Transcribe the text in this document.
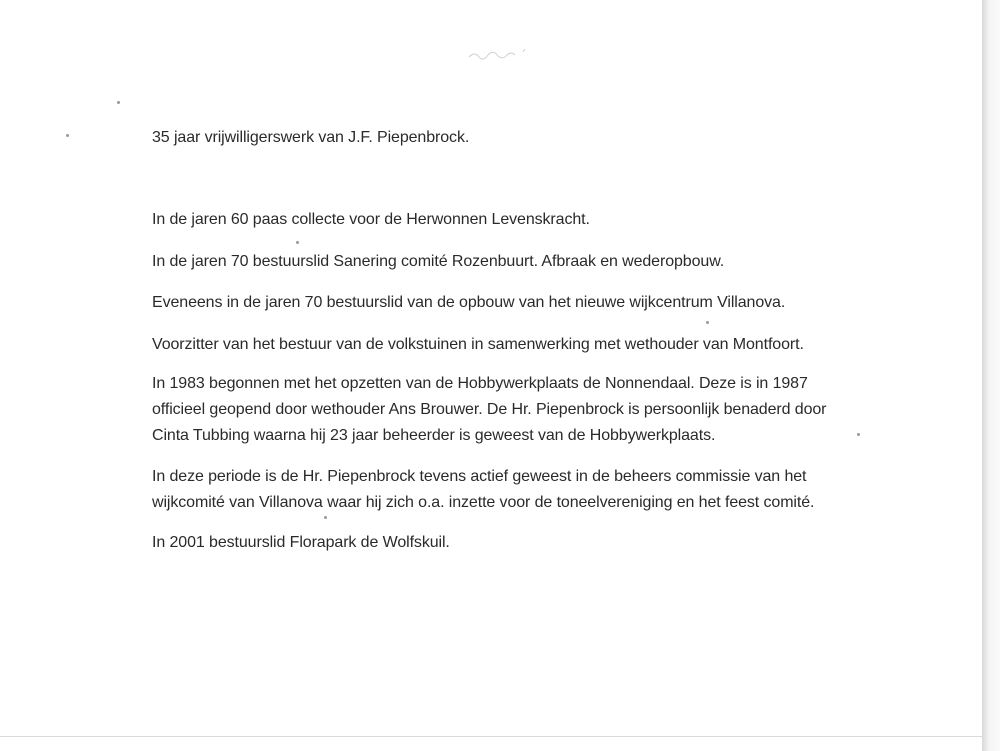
35 jaar vrijwilligerswerk van J.F. Piepenbrock.
In de jaren 60 paas collecte voor de Herwonnen Levenskracht.
In de jaren 70 bestuurslid Sanering comité Rozenbuurt. Afbraak en wederopbouw.
Eveneens in de jaren 70 bestuurslid van de opbouw van het nieuwe wijkcentrum Villanova.
Voorzitter van het bestuur van de volkstuinen in samenwerking met wethouder van Montfoort.
In 1983 begonnen met het opzetten van de Hobbywerkplaats de Nonnendaal. Deze is in 1987
officieel geopend door wethouder Ans Brouwer. De Hr. Piepenbrock is persoonlijk benaderd door
Cinta Tubbing waarna hij 23 jaar beheerder is geweest van de Hobbywerkplaats.
In deze periode is de Hr. Piepenbrock tevens actief geweest in de beheers commissie van het
wijkcomité van Villanova waar hij zich o.a. inzette voor de toneelvereniging en het feest comité.
In 2001 bestuurslid Florapark de Wolfskuil.
